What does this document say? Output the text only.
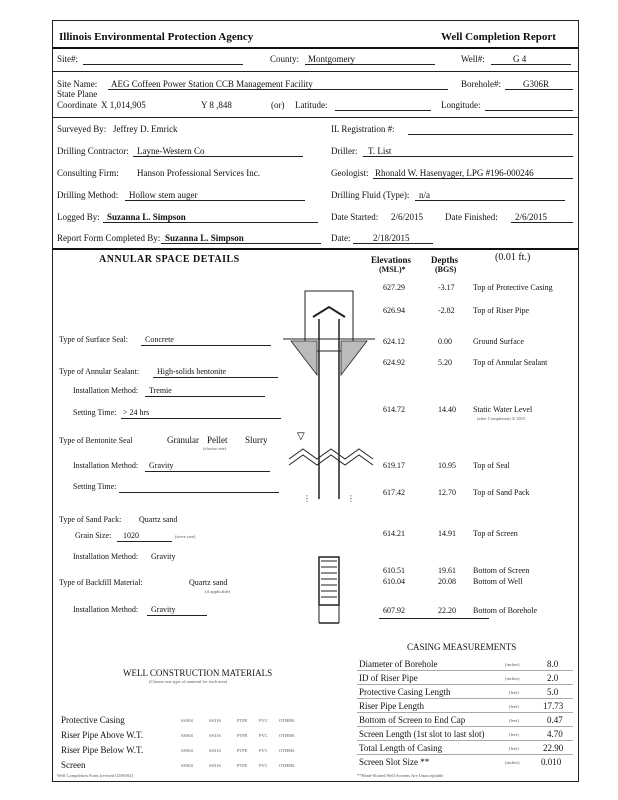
Illinois Environmental Protection Agency	Well Completion Report
Site#:	County: Montgomery	Well#:	G 4
Site Name: AEG Coffeen Power Station CCB Management Facility
State Plane
Borehole#: G306R
Coordinate X 1,014,905	Y 8 ,848	(or) Latitude:	Longitude:
Surveyed By: Jeffrey D. Emrick	IL Registration #:
Drilling Contractor: Layne-Western Co	Driller: T. List
Consulting Firm: Hanson Professional Services Inc.	Geologist: Rhonald W. Hasenyager, LPG #196-000246
Drilling Method: Hollow stem auger	Drilling Fluid (Type): n/a
Logged By: Suzanna L. Simpson	Date Started: 2/6/2015 Date Finished: 2/6/2015
Report Form Completed By: Suzanna L. Simpson	Date:	2/18/2015
ANNULAR SPACE DETAILS	Elevations
(MSL)*
Depths
(BGS)
(0.01 ft.)
627.29	-3.17 Top of Protective Casing
626.94	-2.82 Top of Riser Pipe
624.12	0.00	Ground Surface
624.92	5.20	Top of Annular Sealant
614.72	14.40 Static Water Level
(after Completion) 3/ 2015
619.17	10.95 Top of Seal
617.42	12.70 Top of Sand Pack
614.21	14.91 Top of Screen
610.51	19.61 Bottom of Screen
610.04	20.08 Bottom of Well
607.92	22.20 Bottom of Borehole
Type of Surface Seal: Concrete
Type of Annular Sealant: High-solids bentonite
Installation Method: Tremie
Setting Time: > 24 hrs
Type of Bentonite Seal	Granular Pellet Slurry
(choose one)
Installation Method: Gravity
Setting Time:
Type of Sand Pack: Quartz sand
Grain Size: 1020	(sieve size)
Installation Method: Gravity
Type of Backfill Material:	Quartz sand
(if applicable)
Installation Method: Gravity
▽
⋮	⋮
CASING MEASUREMENTS
Diameter of Borehole	(inches)	8.0
ID of Riser Pipe	(inches)	2.0
Protective Casing Length	(feet)	5.0
Riser Pipe Length	(feet)	17.73
Bottom of Screen to End Cap	(feet)	0.47
Screen Length (1st slot to last slot)	(feet)	4.70
Total Length of Casing	(feet)	22.90
Screen Slot Size **	(inches) 0.010
WELL CONSTRUCTION MATERIALS
(Choose one type of material for each area)
Protective Casing	SS304	SS316	PTFE	PVC OTHER:
Riser Pipe Above W.T.	SS304	SS316	PTFE	PVC OTHER:
Riser Pipe Below W.T.	SS304	SS316	PTFE	PVC OTHER:
Screen	SS304	SS316	PTFE	PVC OTHER:
Well Completion Form (revised 02/06/02)	**Hand-Slotted Well Screens Are Unacceptable
